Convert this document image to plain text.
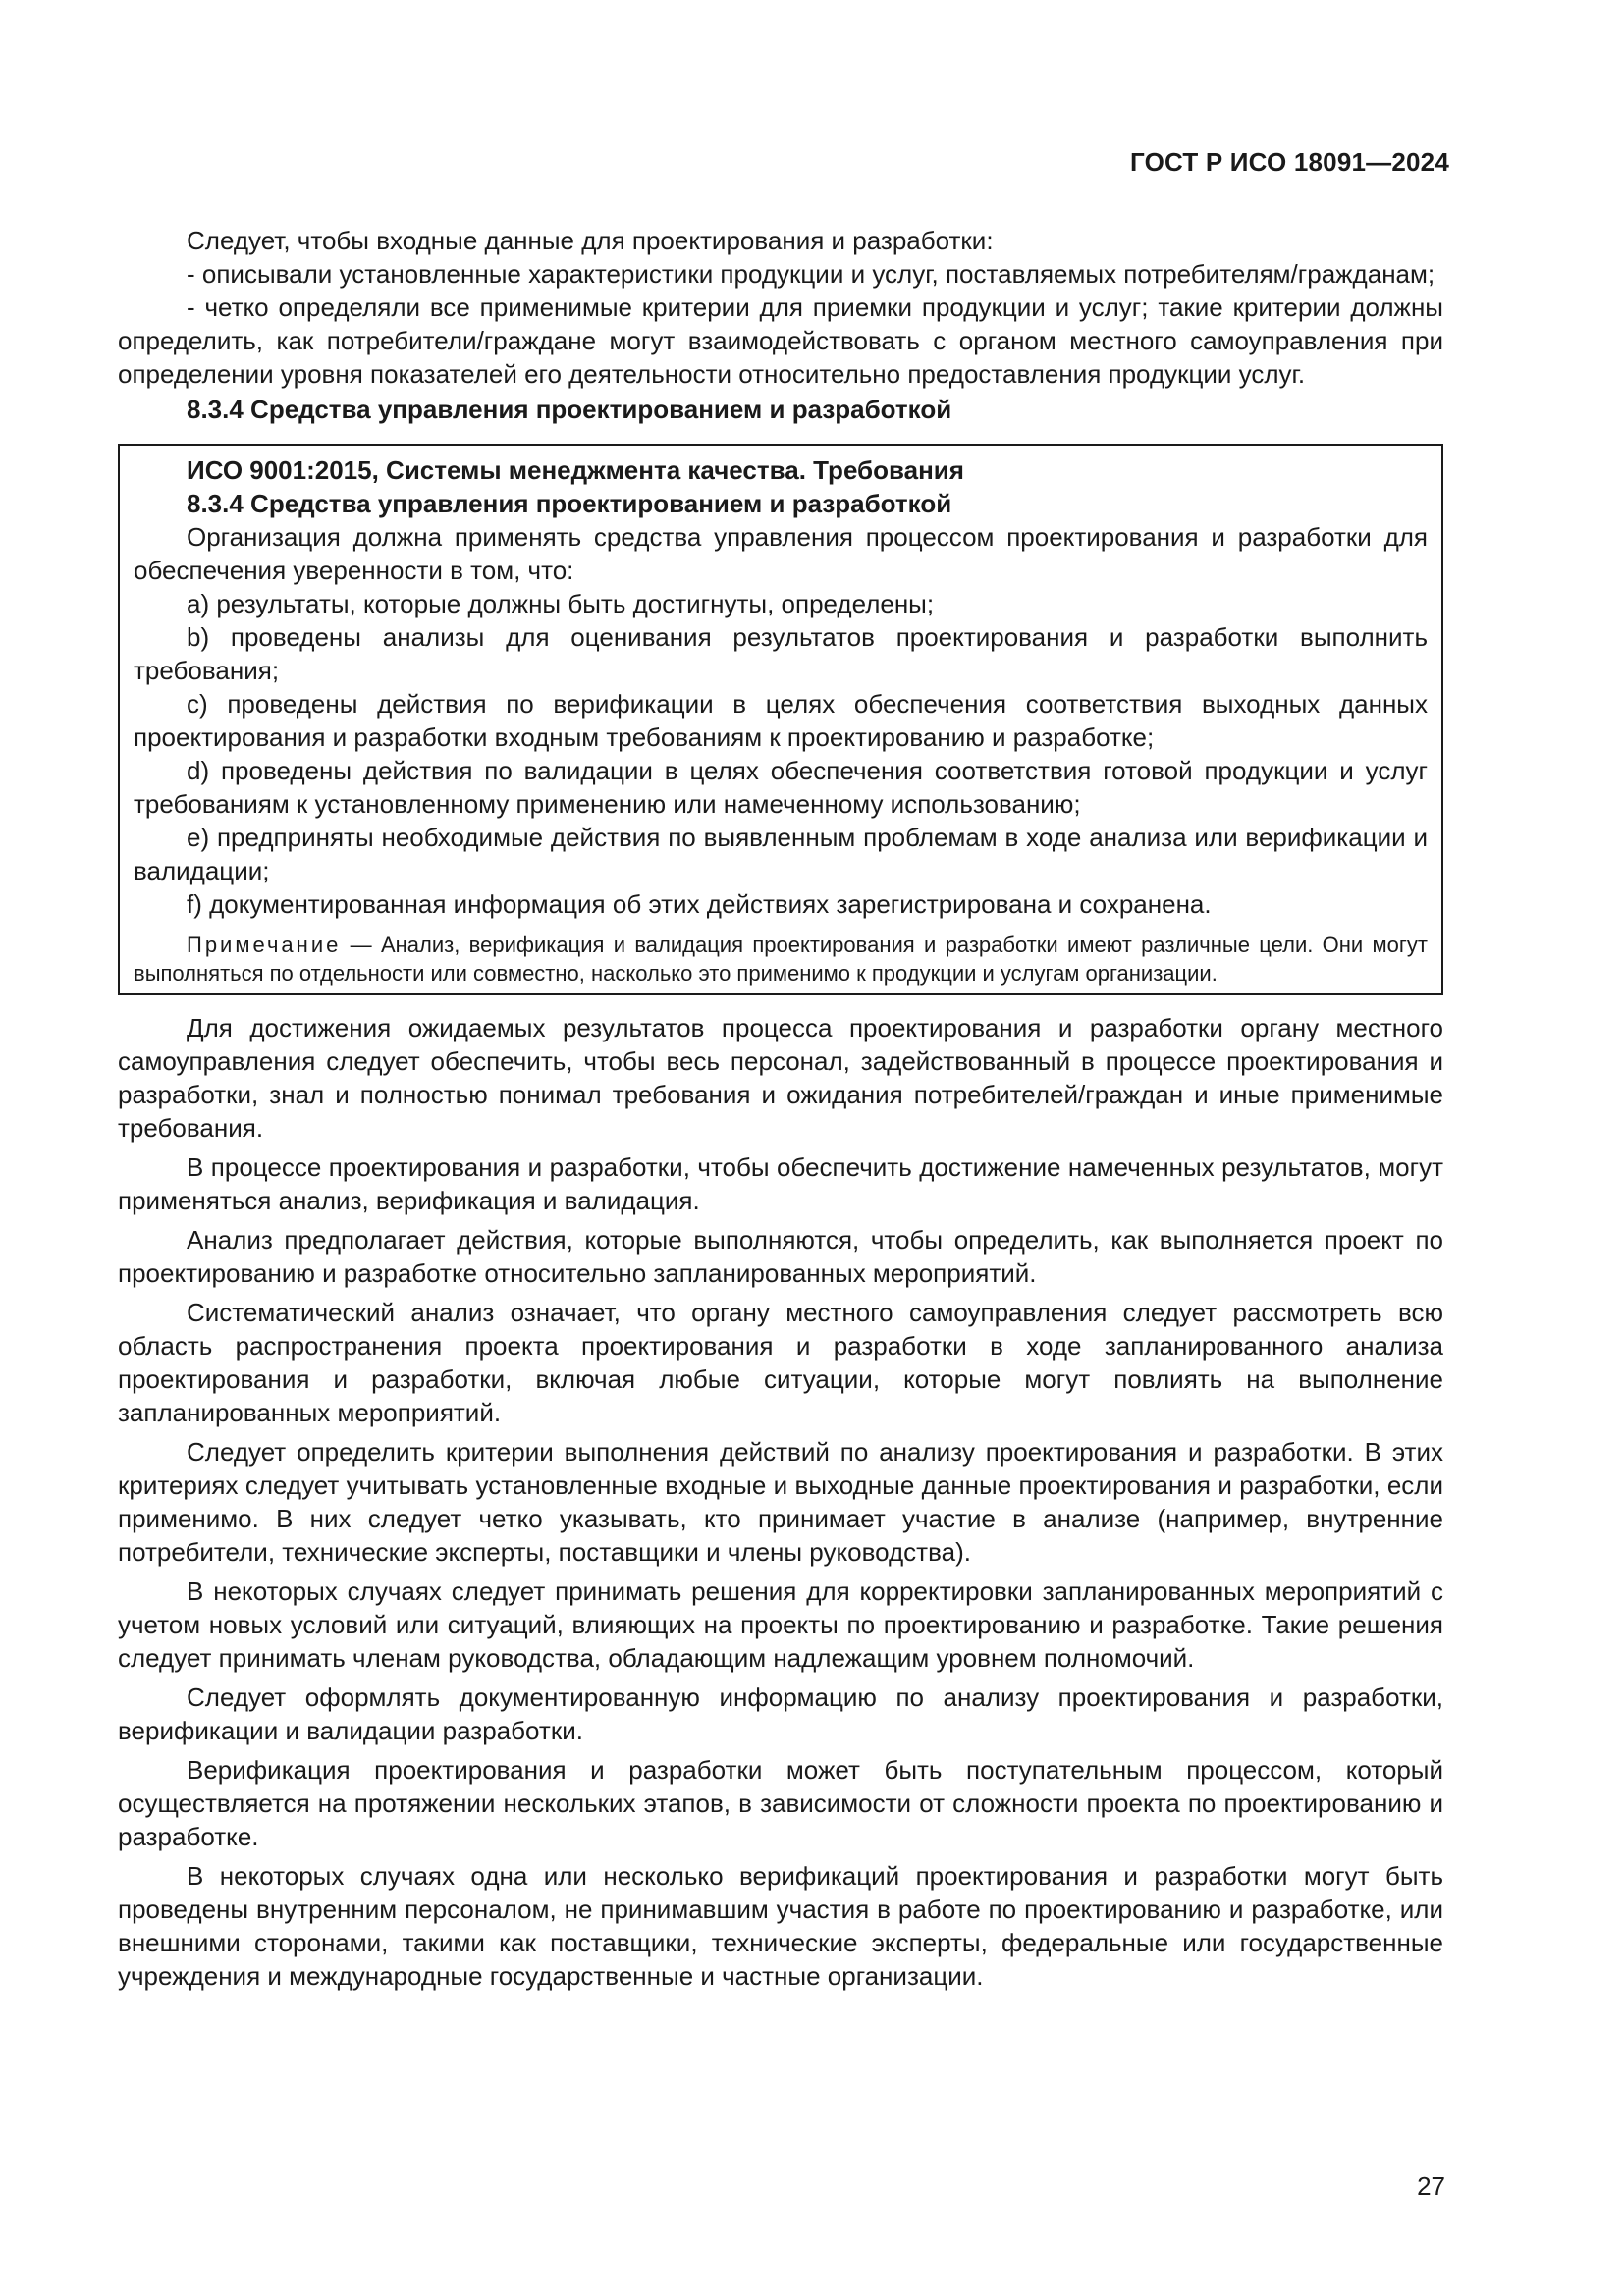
ГОСТ Р ИСО 18091—2024

Следует, чтобы входные данные для проектирования и разработки:

- описывали установленные характеристики продукции и услуг, поставляемых потребителям/гражданам;

- четко определяли все применимые критерии для приемки продукции и услуг; такие критерии должны определить, как потребители/граждане могут взаимодействовать с органом местного самоуправления при определении уровня показателей его деятельности относительно предоставления продукции услуг.

8.3.4 Средства управления проектированием и разработкой

ИСО 9001:2015, Системы менеджмента качества. Требования

8.3.4 Средства управления проектированием и разработкой

Организация должна применять средства управления процессом проектирования и разработки для обеспечения уверенности в том, что:

a) результаты, которые должны быть достигнуты, определены;

b) проведены анализы для оценивания результатов проектирования и разработки выполнить требования;

c) проведены действия по верификации в целях обеспечения соответствия выходных данных проектирования и разработки входным требованиям к проектированию и разработке;

d) проведены действия по валидации в целях обеспечения соответствия готовой продукции и услуг требованиям к установленному применению или намеченному использованию;

e) предприняты необходимые действия по выявленным проблемам в ходе анализа или верификации и валидации;

f) документированная информация об этих действиях зарегистрирована и сохранена.

Примечание — Анализ, верификация и валидация проектирования и разработки имеют различные цели. Они могут выполняться по отдельности или совместно, насколько это применимо к продукции и услугам организации.

Для достижения ожидаемых результатов процесса проектирования и разработки органу местного самоуправления следует обеспечить, чтобы весь персонал, задействованный в процессе проектирования и разработки, знал и полностью понимал требования и ожидания потребителей/граждан и иные применимые требования.

В процессе проектирования и разработки, чтобы обеспечить достижение намеченных результатов, могут применяться анализ, верификация и валидация.

Анализ предполагает действия, которые выполняются, чтобы определить, как выполняется проект по проектированию и разработке относительно запланированных мероприятий.

Систематический анализ означает, что органу местного самоуправления следует рассмотреть всю область распространения проекта проектирования и разработки в ходе запланированного анализа проектирования и разработки, включая любые ситуации, которые могут повлиять на выполнение запланированных мероприятий.

Следует определить критерии выполнения действий по анализу проектирования и разработки. В этих критериях следует учитывать установленные входные и выходные данные проектирования и разработки, если применимо. В них следует четко указывать, кто принимает участие в анализе (например, внутренние потребители, технические эксперты, поставщики и члены руководства).

В некоторых случаях следует принимать решения для корректировки запланированных мероприятий с учетом новых условий или ситуаций, влияющих на проекты по проектированию и разработке. Такие решения следует принимать членам руководства, обладающим надлежащим уровнем полномочий.

Следует оформлять документированную информацию по анализу проектирования и разработки, верификации и валидации разработки.

Верификация проектирования и разработки может быть поступательным процессом, который осуществляется на протяжении нескольких этапов, в зависимости от сложности проекта по проектированию и разработке.

В некоторых случаях одна или несколько верификаций проектирования и разработки могут быть проведены внутренним персоналом, не принимавшим участия в работе по проектированию и разработке, или внешними сторонами, такими как поставщики, технические эксперты, федеральные или государственные учреждения и международные государственные и частные организации.

27
